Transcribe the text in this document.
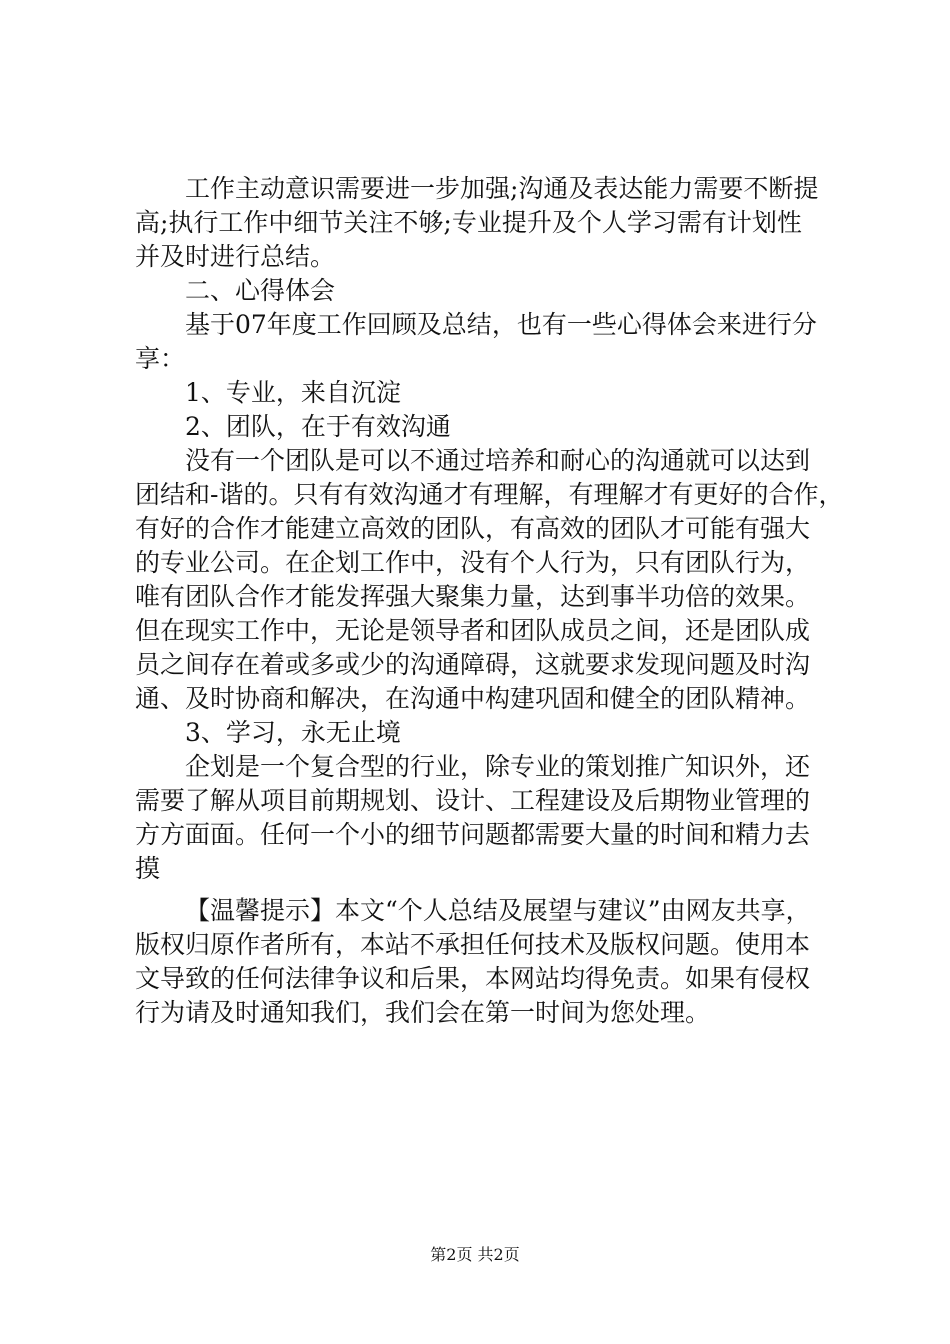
工作主动意识需要进一步加强;沟通及表达能力需要不断提
高;执行工作中细节关注不够;专业提升及个人学习需有计划性
并及时进行总结。
二、心得体会
基于07年度工作回顾及总结，也有一些心得体会来进行分
享：
1、专业，来自沉淀
2、团队，在于有效沟通
没有一个团队是可以不通过培养和耐心的沟通就可以达到
团结和-谐的。只有有效沟通才有理解，有理解才有更好的合作，
有好的合作才能建立高效的团队，有高效的团队才可能有强大
的专业公司。在企划工作中，没有个人行为，只有团队行为，
唯有团队合作才能发挥强大聚集力量，达到事半功倍的效果。
但在现实工作中，无论是领导者和团队成员之间，还是团队成
员之间存在着或多或少的沟通障碍，这就要求发现问题及时沟
通、及时协商和解决，在沟通中构建巩固和健全的团队精神。
3、学习，永无止境
企划是一个复合型的行业，除专业的策划推广知识外，还
需要了解从项目前期规划、设计、工程建设及后期物业管理的
方方面面。任何一个小的细节问题都需要大量的时间和精力去
摸
【温馨提示】本文“个人总结及展望与建议”由网友共享，
版权归原作者所有，本站不承担任何技术及版权问题。使用本
文导致的任何法律争议和后果，本网站均得免责。如果有侵权
行为请及时通知我们，我们会在第一时间为您处理。
第2页 共2页
